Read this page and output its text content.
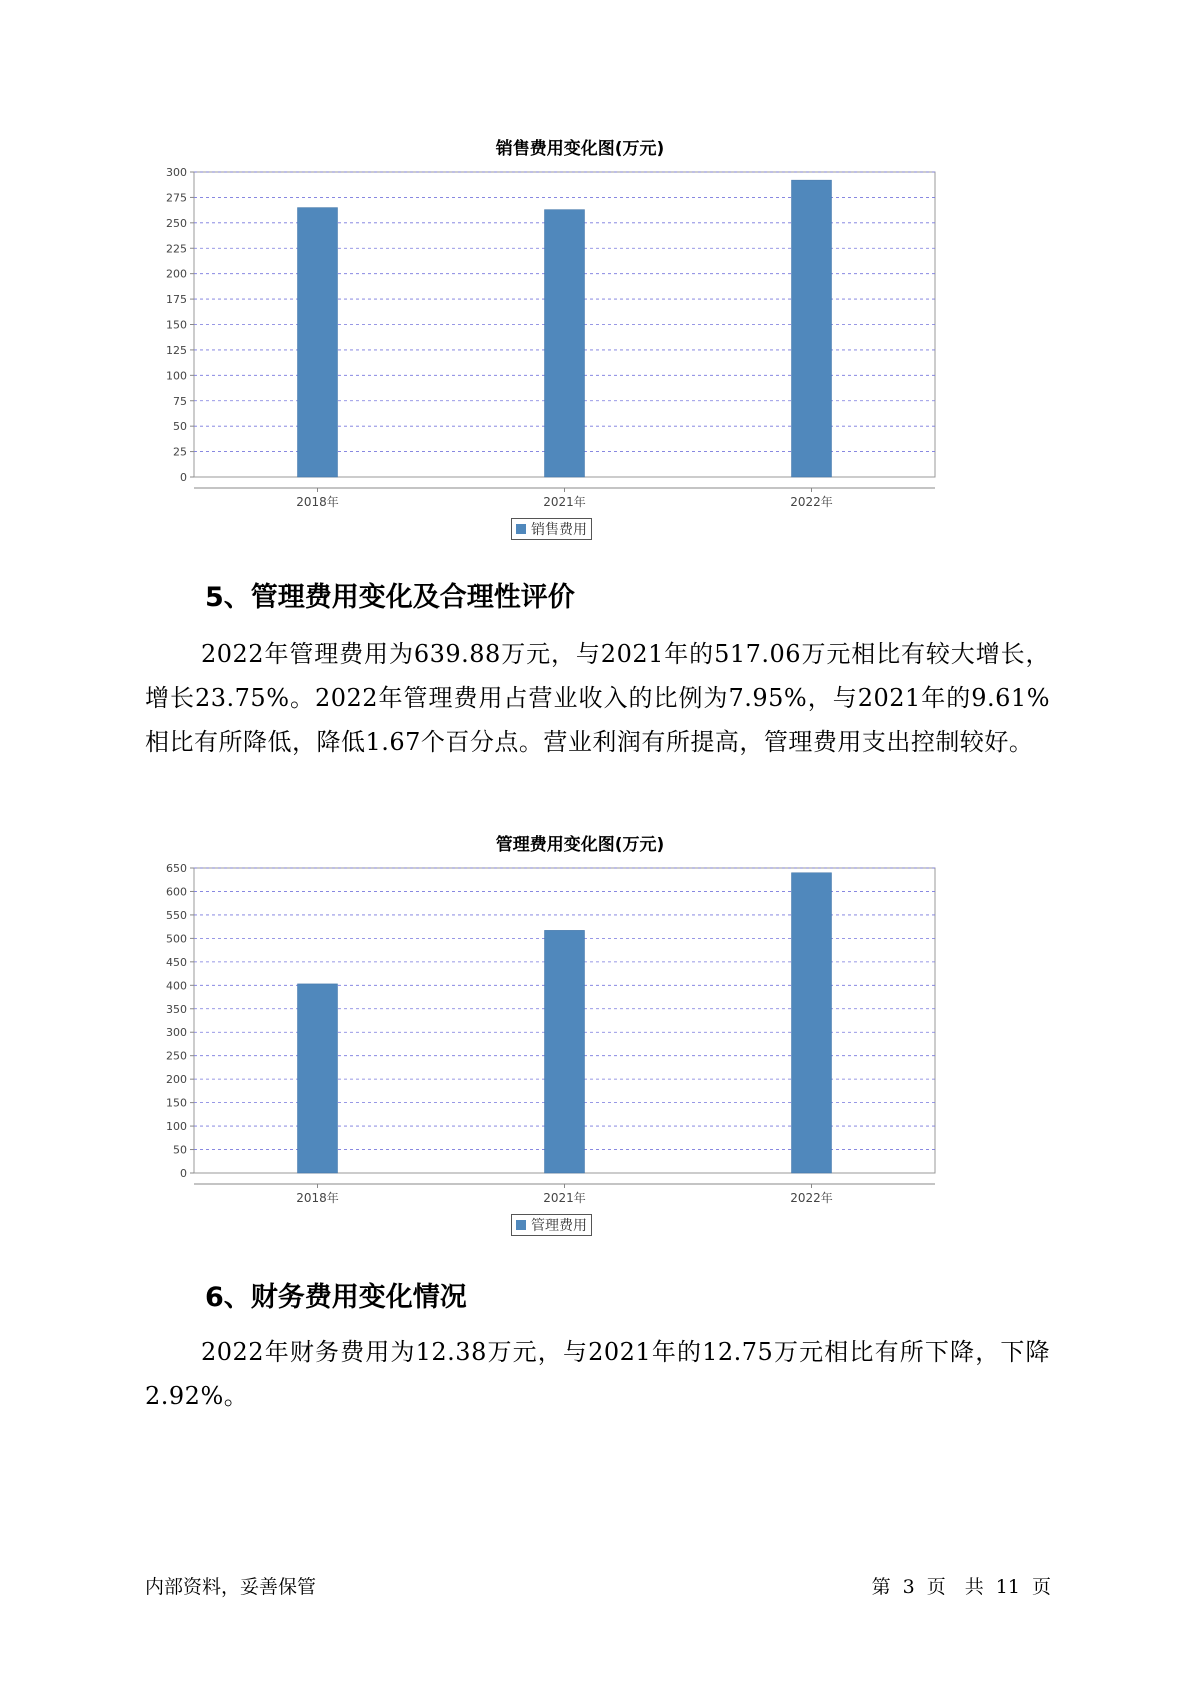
销售费用变化图(万元)
0
25
50
75
100
125
150
175
200
225
250
275
300
2018年	2021年	2022年
销售费用
5、管理费用变化及合理性评价

2022年管理费用为639.88万元，与2021年的517.06万元相比有较大增长，增长23.75%。2022年管理费用占营业收入的比例为7.95%，与2021年的9.61%相比有所降低，降低1.67个百分点。营业利润有所提高，管理费用支出控制较好。

管理费用变化图(万元)
0
50
100
150
200
250
300
350
400
450
500
550
600
650
2018年	2021年	2022年
管理费用
6、财务费用变化情况

2022年财务费用为12.38万元，与2021年的12.75万元相比有所下降，下降2.92%。

内部资料，妥善保管	第 3 页　共 11 页
